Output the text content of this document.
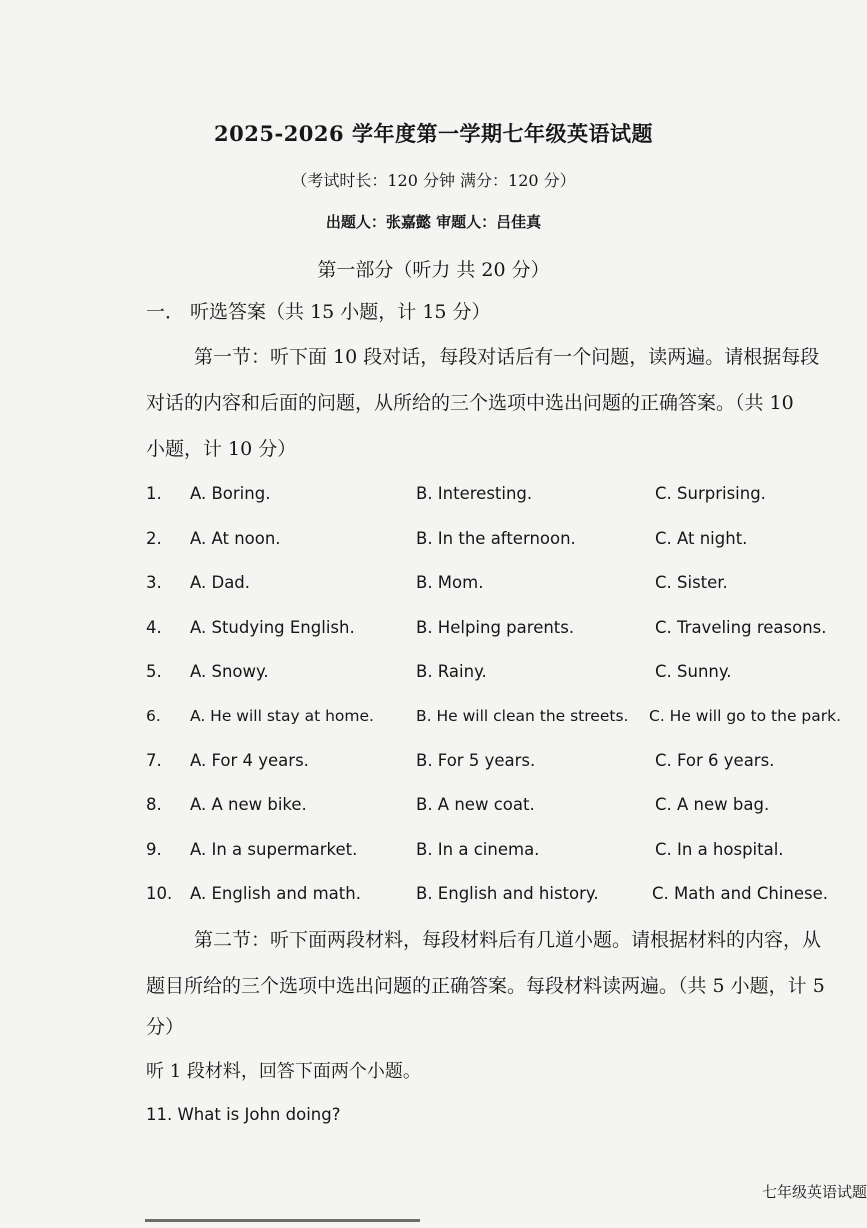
2025-2026 学年度第一学期七年级英语试题
（考试时长：120 分钟 满分：120 分）
出题人：张嘉懿 审题人：吕佳真
第一部分（听力 共 20 分）
一． 听选答案（共 15 小题，计 15 分）
第一节：听下面 10 段对话，每段对话后有一个问题，读两遍。请根据每段
对话的内容和后面的问题，从所给的三个选项中选出问题的正确答案。（共 10
小题，计 10 分）
1. A. Boring.	B. Interesting.	C. Surprising.
2. A. At noon.	B. In the afternoon.	C. At night.
3. A. Dad.	B. Mom.	C. Sister.
4. A. Studying English.	B. Helping parents.	C. Traveling reasons.
5. A. Snowy.	B. Rainy.	C. Sunny.
6. A. He will stay at home.	B. He will clean the streets. C. He will go to the park.
7. A. For 4 years.	B. For 5 years.	C. For 6 years.
8. A. A new bike.	B. A new coat.	C. A new bag.
9. A. In a supermarket.	B. In a cinema.	C. In a hospital.
10. A. English and math.	B. English and history.	C. Math and Chinese.
第二节：听下面两段材料，每段材料后有几道小题。请根据材料的内容，从
题目所给的三个选项中选出问题的正确答案。每段材料读两遍。（共 5 小题，计 5
分）
听 1 段材料，回答下面两个小题。
11. What is John doing?
七年级英语试题
